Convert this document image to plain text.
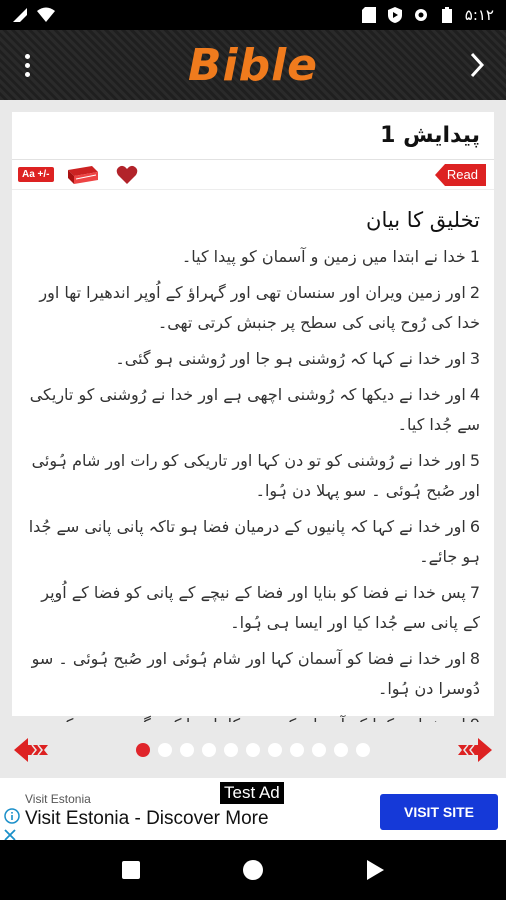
۵:۱۲
Bible
پیدایش 1
Aa +/-	Read
تخلیق کا بیان

1خدا نے ابتدا میں زمین و آسمان کو پیدا کیا۔

2اور زمین ویران اور سنسان تھی اور گہراؤ کے اُوپر اندھیرا تھا اور خدا کی رُوح پانی کی سطح پر جنبش کرتی تھی۔

3اور خدا نے کہا کہ رُوشنی ہو جا اور رُوشنی ہو گئی۔

4اور خدا نے دیکھا کہ رُوشنی اچھی ہے اور خدا نے رُوشنی کو تاریکی سے جُدا کیا۔

5اور خدا نے رُوشنی کو تو دن کہا اور تاریکی کو رات اور شام ہُوئی اور صُبح ہُوئی ۔ سو پہلا دن ہُوا۔

6اور خدا نے کہا کہ پانیوں کے درمیان فضا ہو تاکہ پانی پانی سے جُدا ہو جائے۔

7پس خدا نے فضا کو بنایا اور فضا کے نیچے کے پانی کو فضا کے اُوپر کے پانی سے جُدا کیا اور ایسا ہی ہُوا۔

8اور خدا نے فضا کو آسمان کہا اور شام ہُوئی اور صُبح ہُوئی ۔ سو دُوسرا دن ہُوا۔

Test Ad
Visit Estonia
Visit Estonia - Discover More	VISIT SITE
